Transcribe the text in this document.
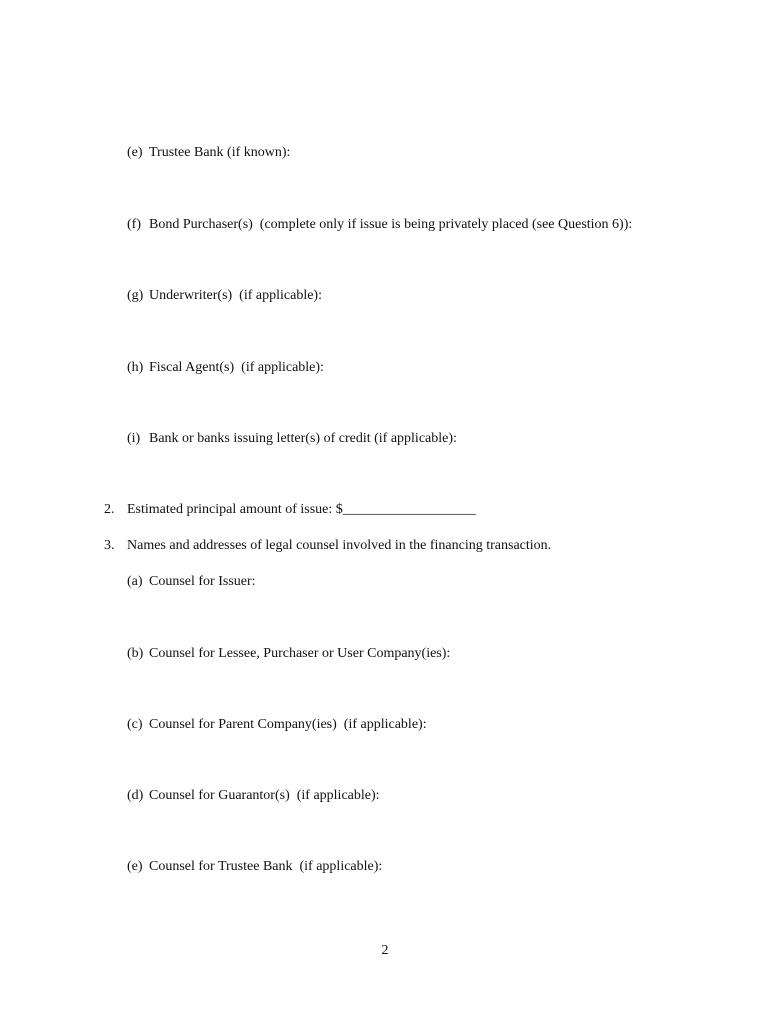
(e) Trustee Bank (if known):

(f) Bond Purchaser(s)  (complete only if issue is being privately placed (see Question 6)):

(g) Underwriter(s)  (if applicable):

(h) Fiscal Agent(s)  (if applicable):

(i) Bank or banks issuing letter(s) of credit (if applicable):

2. Estimated principal amount of issue: $___________________

3. Names and addresses of legal counsel involved in the financing transaction.

(a) Counsel for Issuer:

(b) Counsel for Lessee, Purchaser or User Company(ies):

(c) Counsel for Parent Company(ies)  (if applicable):

(d) Counsel for Guarantor(s)  (if applicable):

(e) Counsel for Trustee Bank  (if applicable):

2
